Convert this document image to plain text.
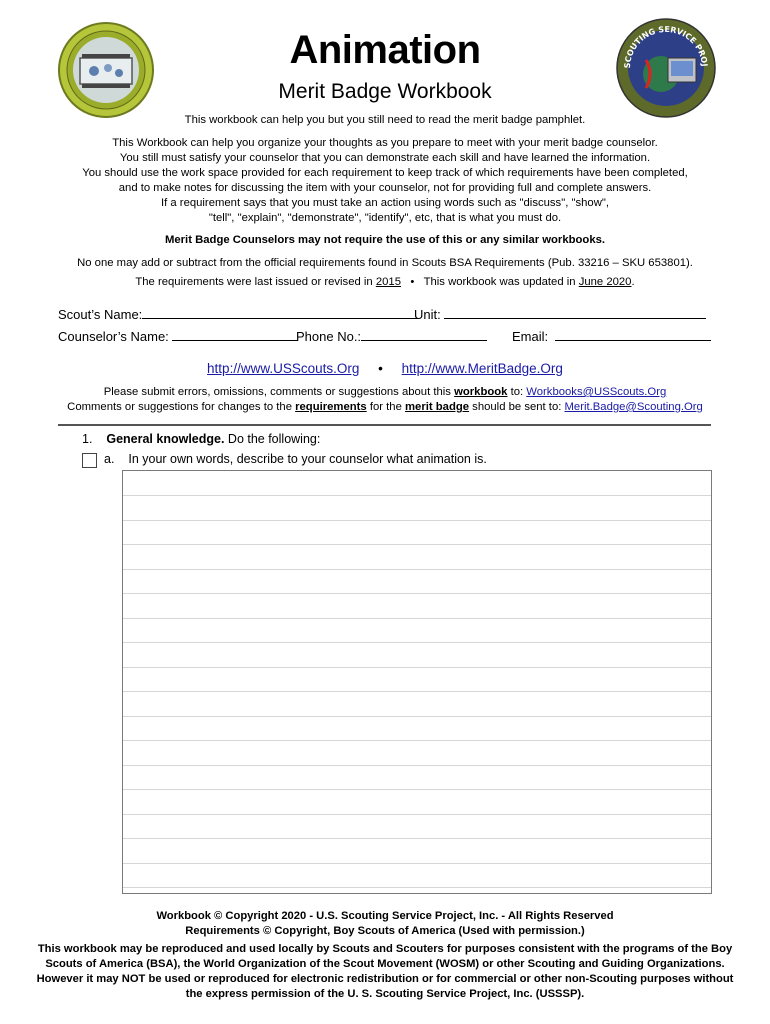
SCOUTING SERVICE PROJ
Animation
Merit Badge Workbook
This workbook can help you but you still need to read the merit badge pamphlet.
This Workbook can help you organize your thoughts as you prepare to meet with your merit badge counselor.
You still must satisfy your counselor that you can demonstrate each skill and have learned the information.
You should use the work space provided for each requirement to keep track of which requirements have been completed,
and to make notes for discussing the item with your counselor, not for providing full and complete answers.
If a requirement says that you must take an action using words such as "discuss", "show",
"tell", "explain", "demonstrate", "identify", etc, that is what you must do.
Merit Badge Counselors may not require the use of this or any similar workbooks.
No one may add or subtract from the official requirements found in Scouts BSA Requirements (Pub. 33216 – SKU 653801).
The requirements were last issued or revised in 2015 • This workbook was updated in June 2020.
Scout’s Name:	Unit:
Counselor’s Name:	Phone No.:	Email:
http://www.USScouts.Org • http://www.MeritBadge.Org
Please submit errors, omissions, comments or suggestions about this workbook to: Workbooks@USScouts.Org
Comments or suggestions for changes to the requirements for the merit badge should be sent to: Merit.Badge@Scouting.Org
1. General knowledge. Do the following:
a. In your own words, describe to your counselor what animation is.
Workbook © Copyright 2020 - U.S. Scouting Service Project, Inc. - All Rights Reserved
Requirements © Copyright, Boy Scouts of America (Used with permission.)
This workbook may be reproduced and used locally by Scouts and Scouters for purposes consistent with the programs of the Boy
Scouts of America (BSA), the World Organization of the Scout Movement (WOSM) or other Scouting and Guiding Organizations.
However it may NOT be used or reproduced for electronic redistribution or for commercial or other non-Scouting purposes without
the express permission of the U. S. Scouting Service Project, Inc. (USSSP).
